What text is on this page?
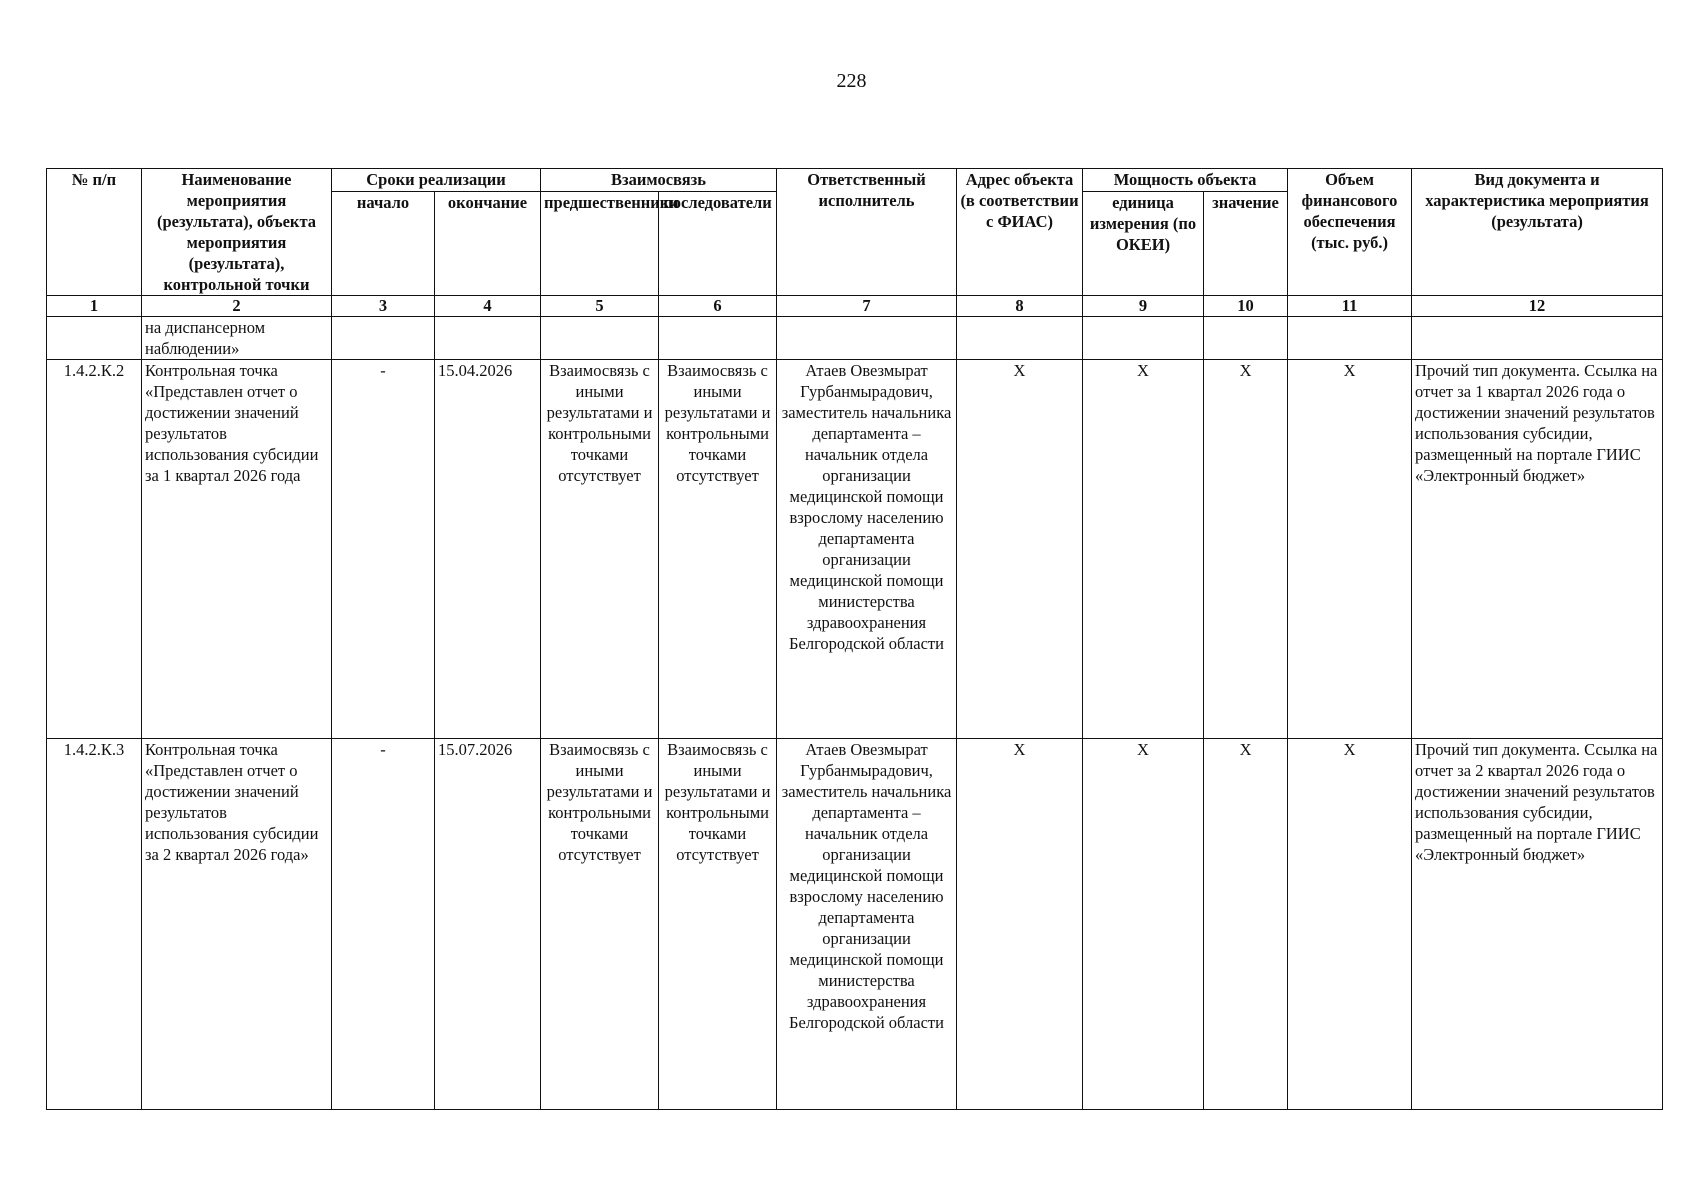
228
№ п/п	Наименование мероприятия (результата), объекта мероприятия (результата), контрольной точки	Сроки реализации		Взаимосвязь		Ответственный исполнитель	Адрес объекта (в соответствии с ФИАС)	Мощность объекта		Объем финансового обеспечения (тыс. руб.)	Вид документа и характеристика мероприятия (результата)
		начало	окончание	предшественники	последователи			единица измерения (по ОКЕИ)	значение		
1	2	3	4	5	6	7	8	9	10	11	12
	на диспансерном наблюдении»										
1.4.2.К.2	Контрольная точка «Представлен отчет о достижении значений результатов использования субсидии за 1 квартал 2026 года	-	15.04.2026	Взаимосвязь с иными результатами и контрольными точками отсутствует	Взаимосвязь с иными результатами и контрольными точками отсутствует	Атаев Овезмырат Гурбанмырадович, заместитель начальника департамента – начальник отдела организации медицинской помощи взрослому населению департамента организации медицинской помощи министерства здравоохранения Белгородской области	X	X	X	X	Прочий тип документа. Ссылка на отчет за 1 квартал 2026 года о достижении значений результатов использования субсидии, размещенный на портале ГИИС «Электронный бюджет»
1.4.2.К.3	Контрольная точка «Представлен отчет о достижении значений результатов использования субсидии за 2 квартал 2026 года»	-	15.07.2026	Взаимосвязь с иными результатами и контрольными точками отсутствует	Взаимосвязь с иными результатами и контрольными точками отсутствует	Атаев Овезмырат Гурбанмырадович, заместитель начальника департамента – начальник отдела организации медицинской помощи взрослому населению департамента организации медицинской помощи министерства здравоохранения Белгородской области	X	X	X	X	Прочий тип документа. Ссылка на отчет за 2 квартал 2026 года о достижении значений результатов использования субсидии, размещенный на портале ГИИС «Электронный бюджет»
